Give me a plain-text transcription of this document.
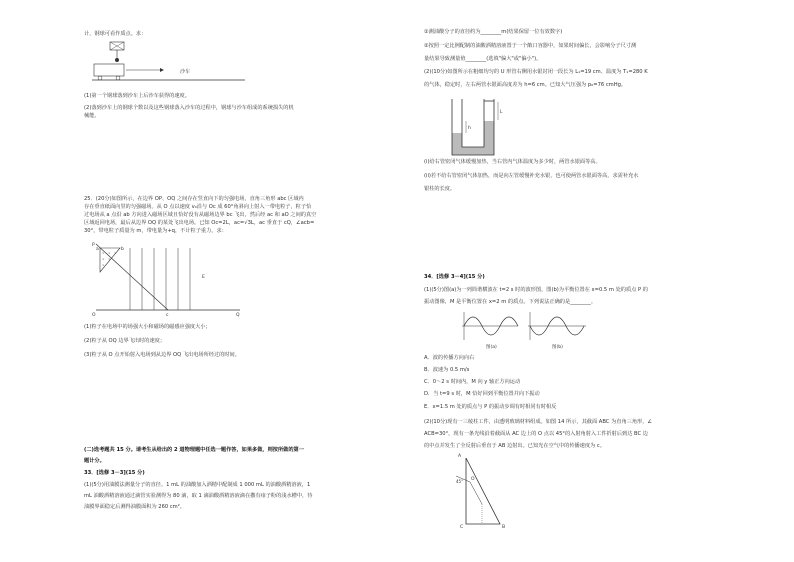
计，钢球可看作质点。求：
沙车
(1)第一个钢球落到沙车上后沙车获得的速度。
(2)落到沙车上的钢球个数以及这些钢球落入沙车的过程中，钢球与沙车组成的系统损失的机
械能。
25．(20分)如图所示，在边界 OP、OQ 之间存在竖直向下的匀强电场，直角三角形 abc 区域内
存在垂直纸面向里的匀强磁场。从 O 点以速度 v₀沿与 Oc 成 60°角斜向上射入一带电粒子，粒子恰
过电场从 a 点沿 ab 方向进入磁场区域且恰好没有从磁场边界 bc 飞出，然后经 ac 和 aO 之间的真空
区域返回电场，最后从边界 OQ 的某处飞出电场。已知 Oc=2L，ac=√3L，ac 垂直于 cQ，∠acb=
30°，带电粒子质量为 m，带电量为+q，不计粒子重力，求：
× × ×
× ×
×
P
a	b
E
O	c	Q
(1)粒子在电场中的场强大小和磁场的磁感应强度大小；
(2)粒子从 OQ 边界飞出时的速度；
(3)粒子从 O 点开始射入电场到从边界 OQ 飞出电场所经过的时间。
(二)选考题共 15 分。请考生从给出的 2 道物理题中任选一题作答，如果多做，则按所做的第一
题计分。
33．[选修 3－3](15 分)
(1)(5分)用油膜法测量分子的直径。1 mL 的油酸加入酒精中配制成 1 000 mL 的油酸酒精溶液，1
mL 油酸酒精溶液通过滴管实验测得为 80 滴，取 1 滴油酸酒精溶液滴在撒有痱子粉的浅水槽中，待
油膜界面稳定后测得油膜面积为 260 cm²。
①测油酸分子的直径约为________m(结果保留一位有效数字)
②按照一定比例配制的油酸酒精溶液置于一个敞口容器中，如果时间偏长，会影响分子尺寸测
量结果导致测量值________(选填"偏大"或"偏小")。
(2)(10分)如图所示在粗细均匀的 U 形管右侧用水银封闭一段长为 L₁=19 cm、温度为 T₁=280 K
的气体，稳定时，左右两管水银面高度差为 h=6 cm。已知大气压强为 p₀=76 cmHg。
L
h
(i)给右管密闭气体缓慢加热，当右管内气体温度为多少时，两管水银面等高。
(ii)若不给右管密闭气体加热，而是向左管缓慢补充水银，也可使两管水银面等高，求需补充水
银柱的长度。
34．[选修 3－4](15 分)
(1)(5分)图(a)为一列简谐横波在 t=2 s 时的波形图，图(b)为平衡位置在 x=0.5 m 处的质点 P 的
振动图像，M 是平衡位置在 x=2 m 的质点。下列说法正确的是________。
图(a)	图(b)
A．波的传播方向向右
B．波速为 0.5 m/s
C．0～2 s 时间内，M 向 y 轴正方向运动
D．当 t=9 s 时，M 恰好回到平衡位置并向下振动
E．x=1.5 m 处的质点与 P 的振动步调有时相同有时相反
(2)(10分)现有一三棱柱工件，由透明玻璃材料组成。如图 14 所示，其截面 ABC 为直角三角形，∠
ACB=30°，现有一条光线沿着截面从 AC 边上的 O 点以 45°的入射角射入工件折射后到达 BC 边
的中点并发生了全反射后垂直于 AB 边射出。已知光在空气中的传播速度为 c。
A
45° O
C	B
